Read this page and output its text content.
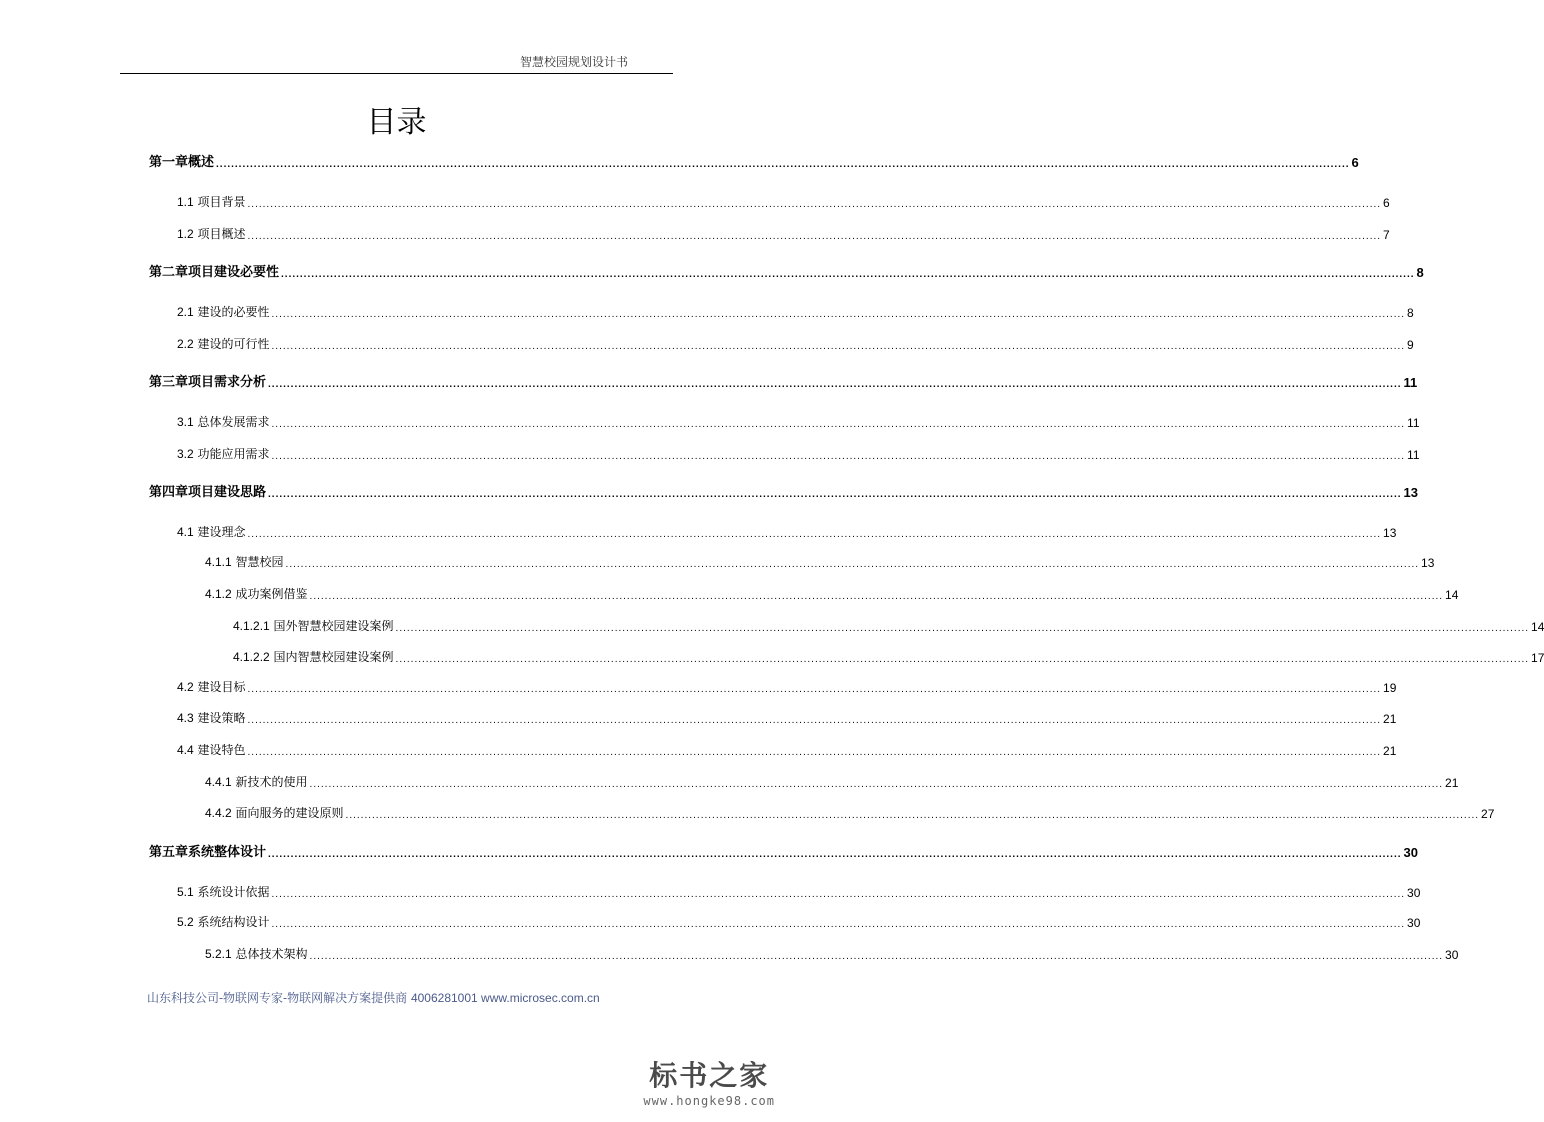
智慧校园规划设计书
目录
第一章概述 ............................................................................................................................................................................................................................................................................................................ 6
1.1 项目背景 ............................................................................................................................................................................................................................................................................................................ 6
1.2 项目概述 ............................................................................................................................................................................................................................................................................................................ 7
第二章项目建设必要性 ............................................................................................................................................................................................................................................................................................................ 8
2.1 建设的必要性 ............................................................................................................................................................................................................................................................................................................ 8
2.2 建设的可行性 ............................................................................................................................................................................................................................................................................................................ 9
第三章项目需求分析 ............................................................................................................................................................................................................................................................................................................ 11
3.1 总体发展需求 ............................................................................................................................................................................................................................................................................................................ 11
3.2 功能应用需求 ............................................................................................................................................................................................................................................................................................................ 11
第四章项目建设思路 ............................................................................................................................................................................................................................................................................................................ 13
4.1 建设理念 ............................................................................................................................................................................................................................................................................................................ 13
4.1.1 智慧校园 ............................................................................................................................................................................................................................................................................................................ 13
4.1.2 成功案例借鉴 ............................................................................................................................................................................................................................................................................................................ 14
4.1.2.1 国外智慧校园建设案例 ............................................................................................................................................................................................................................................................................................................ 14
4.1.2.2 国内智慧校园建设案例 ............................................................................................................................................................................................................................................................................................................ 17
4.2 建设目标 ............................................................................................................................................................................................................................................................................................................ 19
4.3 建设策略 ............................................................................................................................................................................................................................................................................................................ 21
4.4 建设特色 ............................................................................................................................................................................................................................................................................................................ 21
4.4.1 新技术的使用 ............................................................................................................................................................................................................................................................................................................ 21
4.4.2 面向服务的建设原则 ............................................................................................................................................................................................................................................................................................................ 27
第五章系统整体设计 ............................................................................................................................................................................................................................................................................................................ 30
5.1 系统设计依据 ............................................................................................................................................................................................................................................................................................................ 30
5.2 系统结构设计 ............................................................................................................................................................................................................................................................................................................ 30
5.2.1 总体技术架构 ............................................................................................................................................................................................................................................................................................................ 30
山东科技公司-物联网专家-物联网解决方案提供商 4006281001 www.microsec.com.cn
标书之家
www.hongke98.com
